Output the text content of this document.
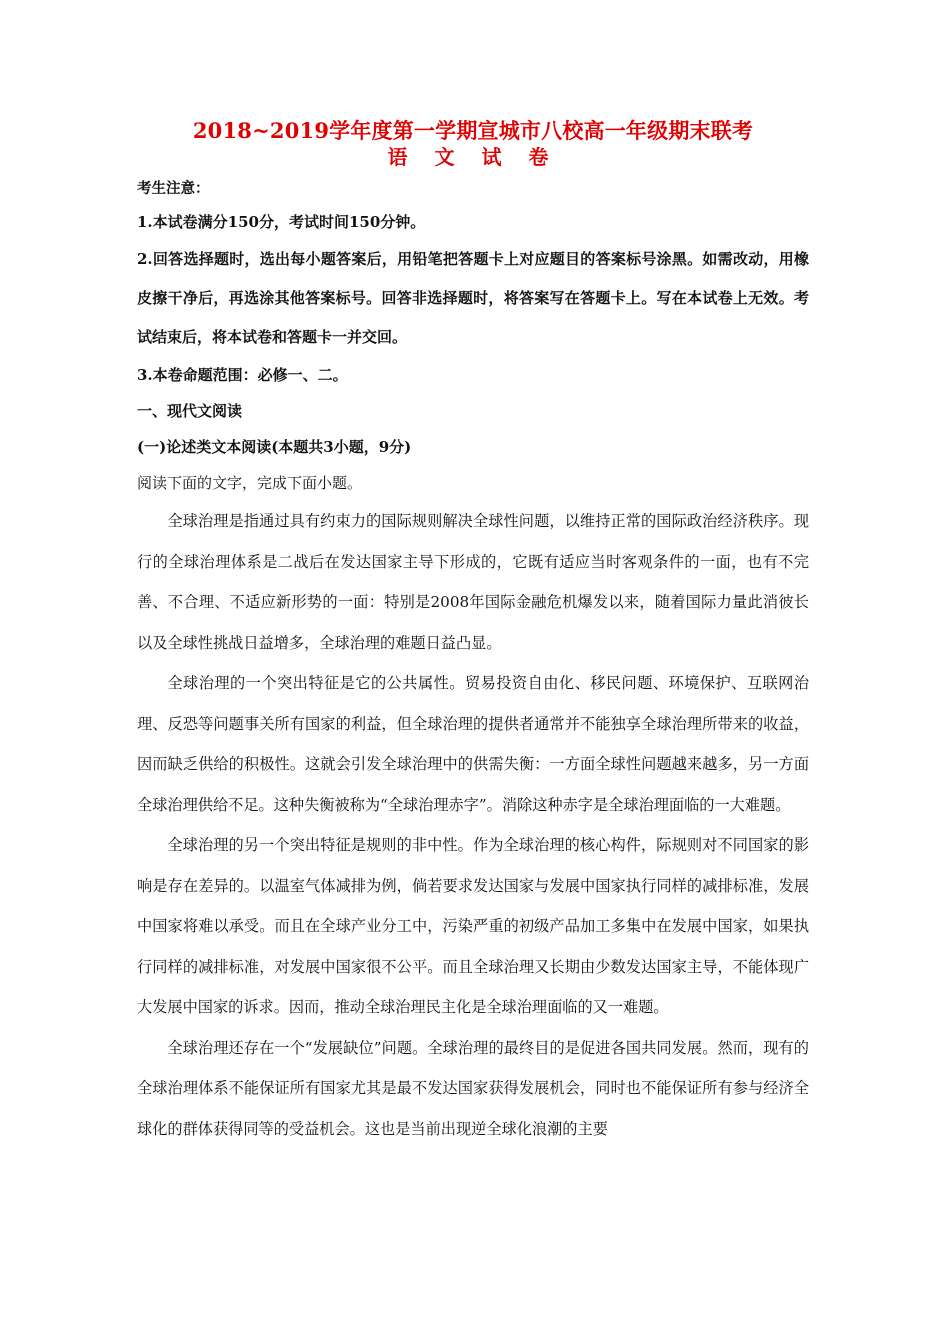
2018~2019学年度第一学期宣城市八校高一年级期末联考
语 文 试 卷

考生注意：

1.本试卷满分150分，考试时间150分钟。

2.回答选择题时，选出每小题答案后，用铅笔把答题卡上对应题目的答案标号涂黑。如需改动，用橡皮擦干净后，再选涂其他答案标号。回答非选择题时，将答案写在答题卡上。写在本试卷上无效。考试结束后，将本试卷和答题卡一并交回。

3.本卷命题范围：必修一、二。

一、现代文阅读

(一)论述类文本阅读(本题共3小题，9分)

阅读下面的文字，完成下面小题。

全球治理是指通过具有约束力的国际规则解决全球性问题，以维持正常的国际政治经济秩序。现行的全球治理体系是二战后在发达国家主导下形成的，它既有适应当时客观条件的一面，也有不完善、不合理、不适应新形势的一面：特别是2008年国际金融危机爆发以来，随着国际力量此消彼长以及全球性挑战日益增多，全球治理的难题日益凸显。

全球治理的一个突出特征是它的公共属性。贸易投资自由化、移民问题、环境保护、互联网治理、反恐等问题事关所有国家的利益，但全球治理的提供者通常并不能独享全球治理所带来的收益，因而缺乏供给的积极性。这就会引发全球治理中的供需失衡：一方面全球性问题越来越多，另一方面全球治理供给不足。这种失衡被称为“全球治理赤字”。消除这种赤字是全球治理面临的一大难题。

全球治理的另一个突出特征是规则的非中性。作为全球治理的核心构件，际规则对不同国家的影响是存在差异的。以温室气体减排为例，倘若要求发达国家与发展中国家执行同样的减排标准，发展中国家将难以承受。而且在全球产业分工中，污染严重的初级产品加工多集中在发展中国家，如果执行同样的减排标准，对发展中国家很不公平。而且全球治理又长期由少数发达国家主导，不能体现广大发展中国家的诉求。因而，推动全球治理民主化是全球治理面临的又一难题。

全球治理还存在一个“发展缺位”问题。全球治理的最终目的是促进各国共同发展。然而，现有的全球治理体系不能保证所有国家尤其是最不发达国家获得发展机会，同时也不能保证所有参与经济全球化的群体获得同等的受益机会。这也是当前出现逆全球化浪潮的主要
